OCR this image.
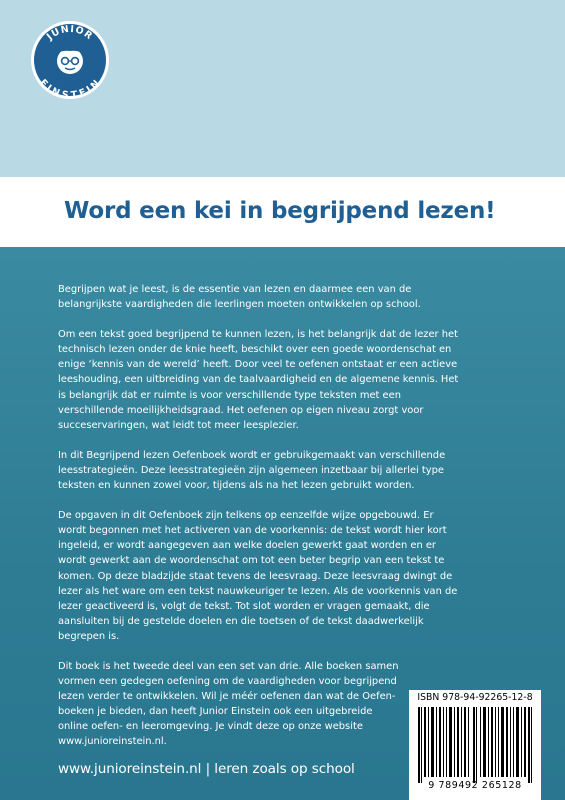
JUNIOR
EINSTEIN
Word een kei in begrijpend lezen!

Begrijpen wat je leest, is de essentie van lezen en daarmee een van de belangrijkste vaardigheden die leerlingen moeten ontwikkelen op school.

Om een tekst goed begrijpend te kunnen lezen, is het belangrijk dat de lezer het technisch lezen onder de knie heeft, beschikt over een goede woordenschat en enige ‘kennis van de wereld’ heeft. Door veel te oefenen ontstaat er een actieve leeshouding, een uitbreiding van de taalvaardigheid en de algemene kennis. Het is belangrijk dat er ruimte is voor verschillende type teksten met een verschillende moeilijkheidsgraad. Het oefenen op eigen niveau zorgt voor succeservaringen, wat leidt tot meer leesplezier.

In dit Begrijpend lezen Oefenboek wordt er gebruikgemaakt van verschillende leesstrategieën. Deze leesstrategieën zijn algemeen inzetbaar bij allerlei type teksten en kunnen zowel voor, tijdens als na het lezen gebruikt worden.

De opgaven in dit Oefenboek zijn telkens op eenzelfde wijze opgebouwd. Er wordt begonnen met het activeren van de voorkennis: de tekst wordt hier kort ingeleid, er wordt aangegeven aan welke doelen gewerkt gaat worden en er wordt gewerkt aan de woordenschat om tot een beter begrip van een tekst te komen. Op deze bladzijde staat tevens de leesvraag. Deze leesvraag dwingt de lezer als het ware om een tekst nauwkeuriger te lezen. Als de voorkennis van de lezer geactiveerd is, volgt de tekst. Tot slot worden er vragen gemaakt, die aansluiten bij de gestelde doelen en die toetsen of de tekst daadwerkelijk begrepen is.

Dit boek is het tweede deel van een set van drie. Alle boeken samen vormen een gedegen oefening om de vaardigheden voor begrijpend lezen verder te ontwikkelen. Wil je méér oefenen dan wat de Oefen-boeken je bieden, dan heeft Junior Einstein ook een uitgebreide online oefen- en leeromgeving. Je vindt deze op onze website www.junioreinstein.nl.

www.junioreinstein.nl | leren zoals op school
ISBN 978-94-92265-12-8
9 789492 265128
